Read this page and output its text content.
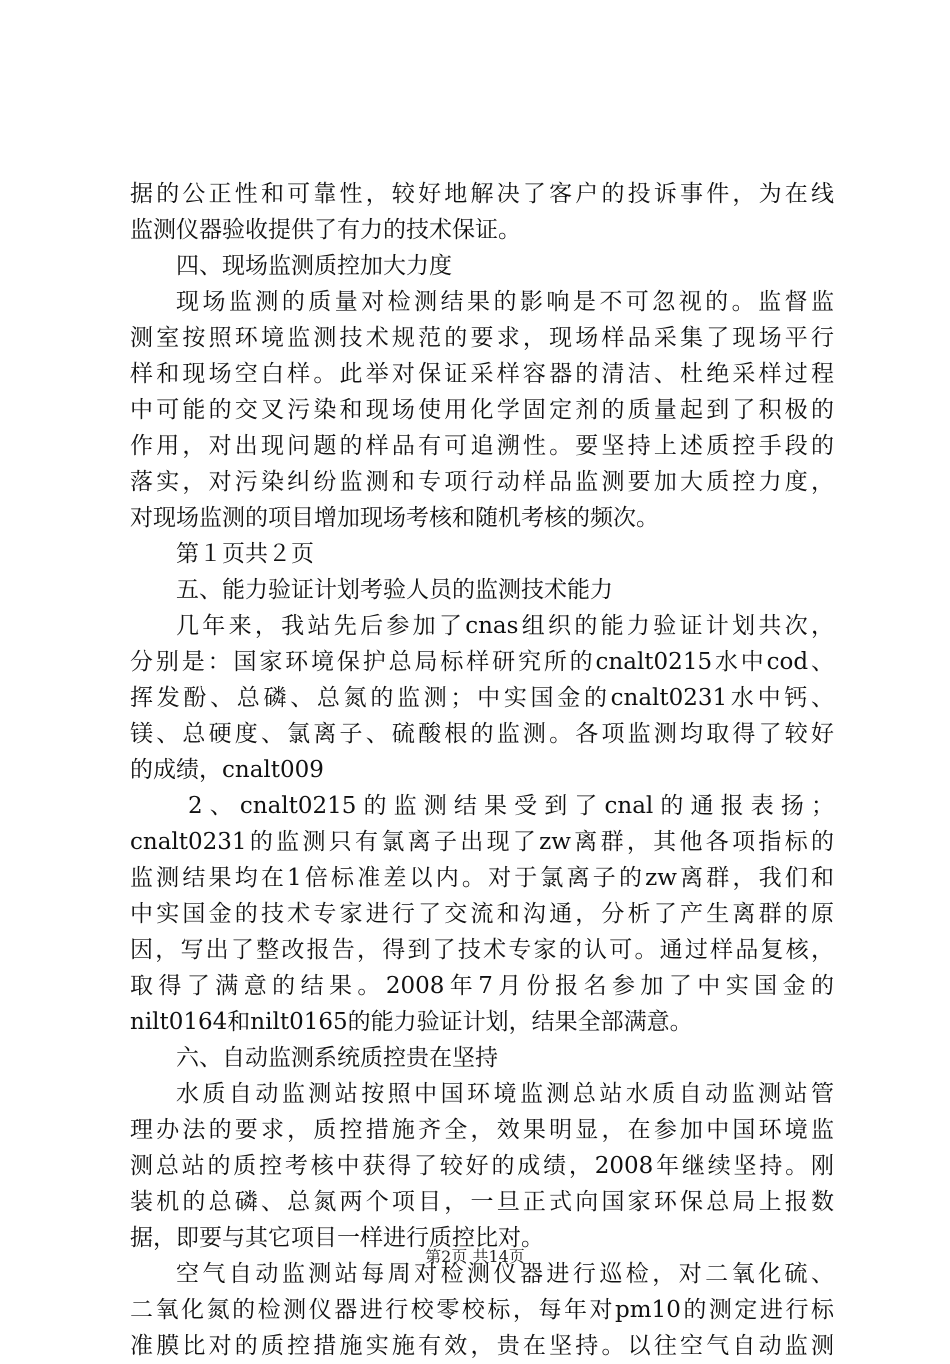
据的公正性和可靠性，较好地解决了客户的投诉事件，为在线
监测仪器验收提供了有力的技术保证。
四、现场监测质控加大力度
现场监测的质量对检测结果的影响是不可忽视的。监督监
测室按照环境监测技术规范的要求，现场样品采集了现场平行
样和现场空白样。此举对保证采样容器的清洁、杜绝采样过程
中可能的交叉污染和现场使用化学固定剂的质量起到了积极的
作用，对出现问题的样品有可追溯性。要坚持上述质控手段的
落实，对污染纠纷监测和专项行动样品监测要加大质控力度，
对现场监测的项目增加现场考核和随机考核的频次。
第１页共２页
五、能力验证计划考验人员的监测技术能力
几年来，我站先后参加了cnas组织的能力验证计划共次，
分别是：国家环境保护总局标样研究所的cnalt0215水中cod、
挥发酚、总磷、总氮的监测；中实国金的cnalt0231水中钙、
镁、总硬度、氯离子、硫酸根的监测。各项监测均取得了较好
的成绩，cnalt009
2、cnalt0215的监测结果受到了cnal的通报表扬；
cnalt0231的监测只有氯离子出现了zw离群，其他各项指标的
监测结果均在1倍标准差以内。对于氯离子的zw离群，我们和
中实国金的技术专家进行了交流和沟通，分析了产生离群的原
因，写出了整改报告，得到了技术专家的认可。通过样品复核，
取得了满意的结果。2008年7月份报名参加了中实国金的
nilt0164和nilt0165的能力验证计划，结果全部满意。
六、自动监测系统质控贵在坚持
水质自动监测站按照中国环境监测总站水质自动监测站管
理办法的要求，质控措施齐全，效果明显，在参加中国环境监
测总站的质控考核中获得了较好的成绩，2008年继续坚持。刚
装机的总磷、总氮两个项目，一旦正式向国家环保总局上报数
据，即要与其它项目一样进行质控比对。
空气自动监测站每周对检测仪器进行巡检，对二氧化硫、
二氧化氮的检测仪器进行校零校标，每年对pm10的测定进行标
准膜比对的质控措施实施有效，贵在坚持。以往空气自动监测
第2页 共14页
